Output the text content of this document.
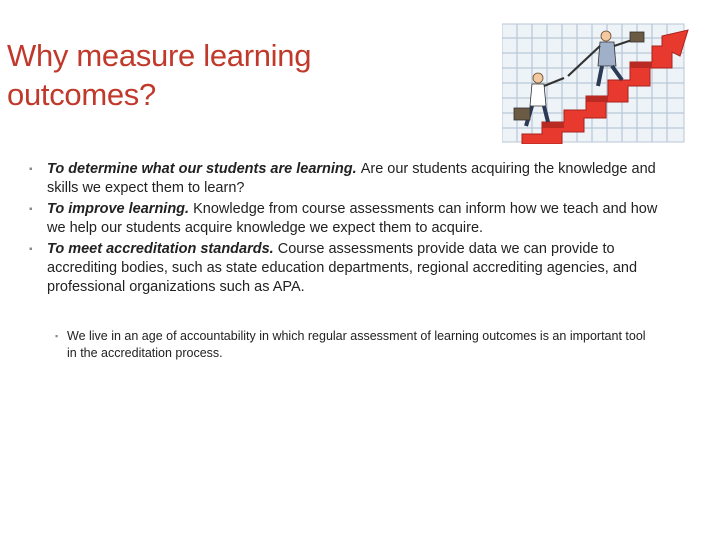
Why measure learning outcomes?
▪ To determine what our students are learning. Are our students acquiring the knowledge and skills we expect them to learn?
▪ To improve learning. Knowledge from course assessments can inform how we teach and how we help our students acquire knowledge we expect them to acquire.
▪ To meet accreditation standards. Course assessments provide data we can provide to accrediting bodies, such as state education departments, regional accrediting agencies, and professional organizations such as APA.
▪ We live in an age of accountability in which regular assessment of learning outcomes is an important tool in the accreditation process.
